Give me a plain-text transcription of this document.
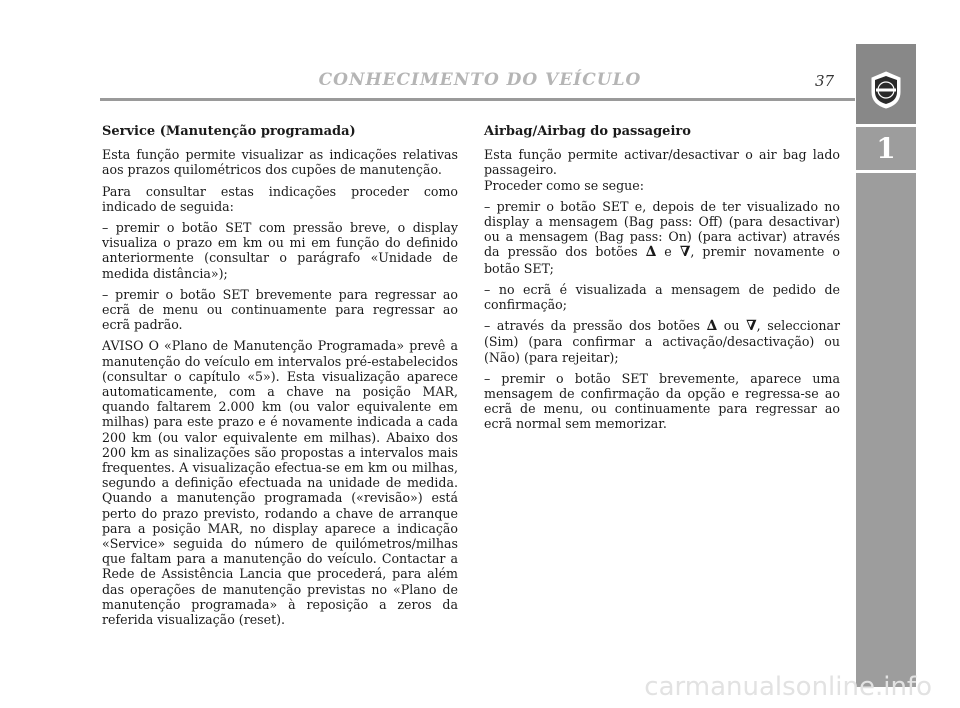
CONHECIMENTO DO VEÍCULO	37
1
Service (Manutenção programada)

Esta função permite visualizar as indicações relativas aos prazos quilométricos dos cupões de manutenção.

Para consultar estas indicações proceder como indicado de seguida:

– premir o botão SET com pressão breve, o display visualiza o prazo em km ou mi em função do definido anteriormente (consultar o parágrafo «Unidade de medida distância»);

– premir o botão SET brevemente para regressar ao ecrã de menu ou continuamente para regressar ao ecrã padrão.

AVISO O «Plano de Manutenção Programada» prevê a manutenção do veículo em intervalos pré-estabelecidos (consultar o capítulo «5»). Esta visualização aparece automaticamente, com a chave na posição MAR, quando faltarem 2.000 km (ou valor equivalente em milhas) para este prazo e é novamente indicada a cada 200 km (ou valor equivalente em milhas). Abaixo dos 200 km as sinalizações são propostas a intervalos mais frequentes. A visualização efectua-se em km ou milhas, segundo a definição efectuada na unidade de medida. Quando a manutenção programada («revisão») está perto do prazo previsto, rodando a chave de arranque para a posição MAR, no display aparece a indicação «Service» seguida do número de quilómetros/milhas que faltam para a manutenção do veículo. Contactar a Rede de Assistência Lancia que procederá, para além das operações de manutenção previstas no «Plano de manutenção programada» à reposição a zeros da referida visualização (reset).

Airbag/Airbag do passageiro

Esta função permite activar/desactivar o air bag lado passageiro.

Proceder como se segue:

– premir o botão SET e, depois de ter visualizado no display a mensagem (Bag pass: Off) (para desactivar) ou a mensagem (Bag pass: On) (para activar) através da pressão dos botões ∆ e ∇, premir novamente o botão SET;

– no ecrã é visualizada a mensagem de pedido de confirmação;

– através da pressão dos botões ∆ ou ∇, seleccionar (Sim) (para confirmar a activação/desactivação) ou (Não) (para rejeitar);

– premir o botão SET brevemente, aparece uma mensagem de confirmação da opção e regressa-se ao ecrã de menu, ou continuamente para regressar ao ecrã normal sem memorizar.

carmanualsonline.info
